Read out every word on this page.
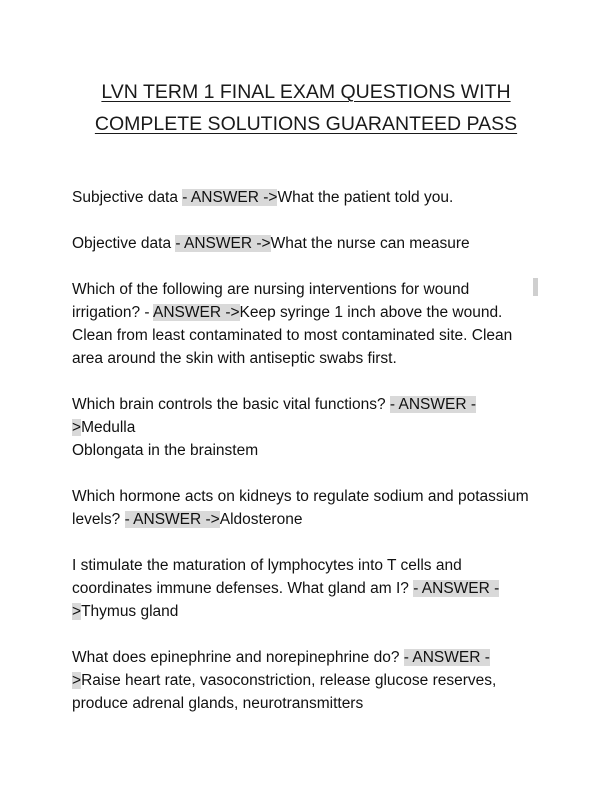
LVN TERM 1 FINAL EXAM QUESTIONS WITH
COMPLETE SOLUTIONS GUARANTEED PASS

Subjective data - ANSWER ->What the patient told you.

Objective data - ANSWER ->What the nurse can measure

Which of the following are nursing interventions for wound irrigation? - ANSWER ->Keep syringe 1 inch above the wound. Clean from least contaminated to most contaminated site. Clean area around the skin with antiseptic swabs first.

Which brain controls the basic vital functions? - ANSWER ->Medulla
Oblongata in the brainstem

Which hormone acts on kidneys to regulate sodium and potassium levels? - ANSWER ->Aldosterone

I stimulate the maturation of lymphocytes into T cells and coordinates immune defenses. What gland am I? - ANSWER ->Thymus gland

What does epinephrine and norepinephrine do? - ANSWER ->Raise heart rate, vasoconstriction, release glucose reserves, produce adrenal glands, neurotransmitters
